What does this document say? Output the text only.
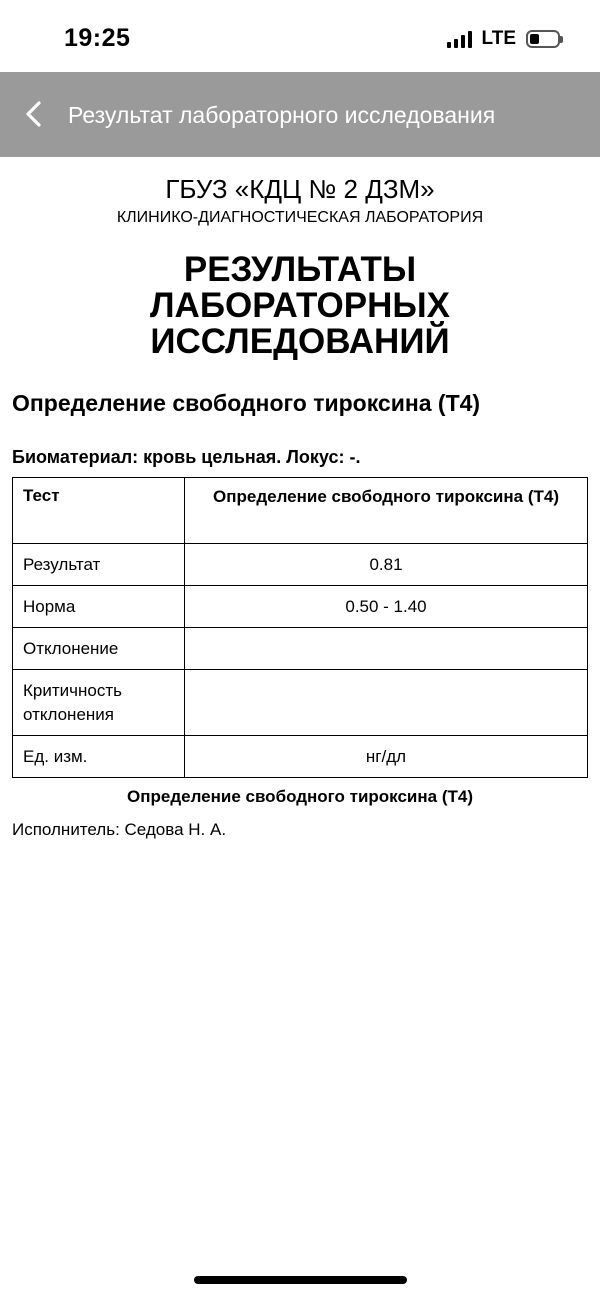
19:25	LTE
Результат лабораторного исследования
ГБУЗ «КДЦ № 2 ДЗМ»
КЛИНИКО-ДИАГНОСТИЧЕСКАЯ ЛАБОРАТОРИЯ
РЕЗУЛЬТАТЫ
ЛАБОРАТОРНЫХ
ИССЛЕДОВАНИЙ
Определение свободного тироксина (Т4)
Биоматериал: кровь цельная. Локус: -.
Тест	Определение свободного тироксина (Т4)
Результат	0.81
Норма	0.50 - 1.40
Отклонение	
Критичность отклонения	
Ед. изм.	нг/дл
Определение свободного тироксина (Т4)
Исполнитель: Седова Н. А.
